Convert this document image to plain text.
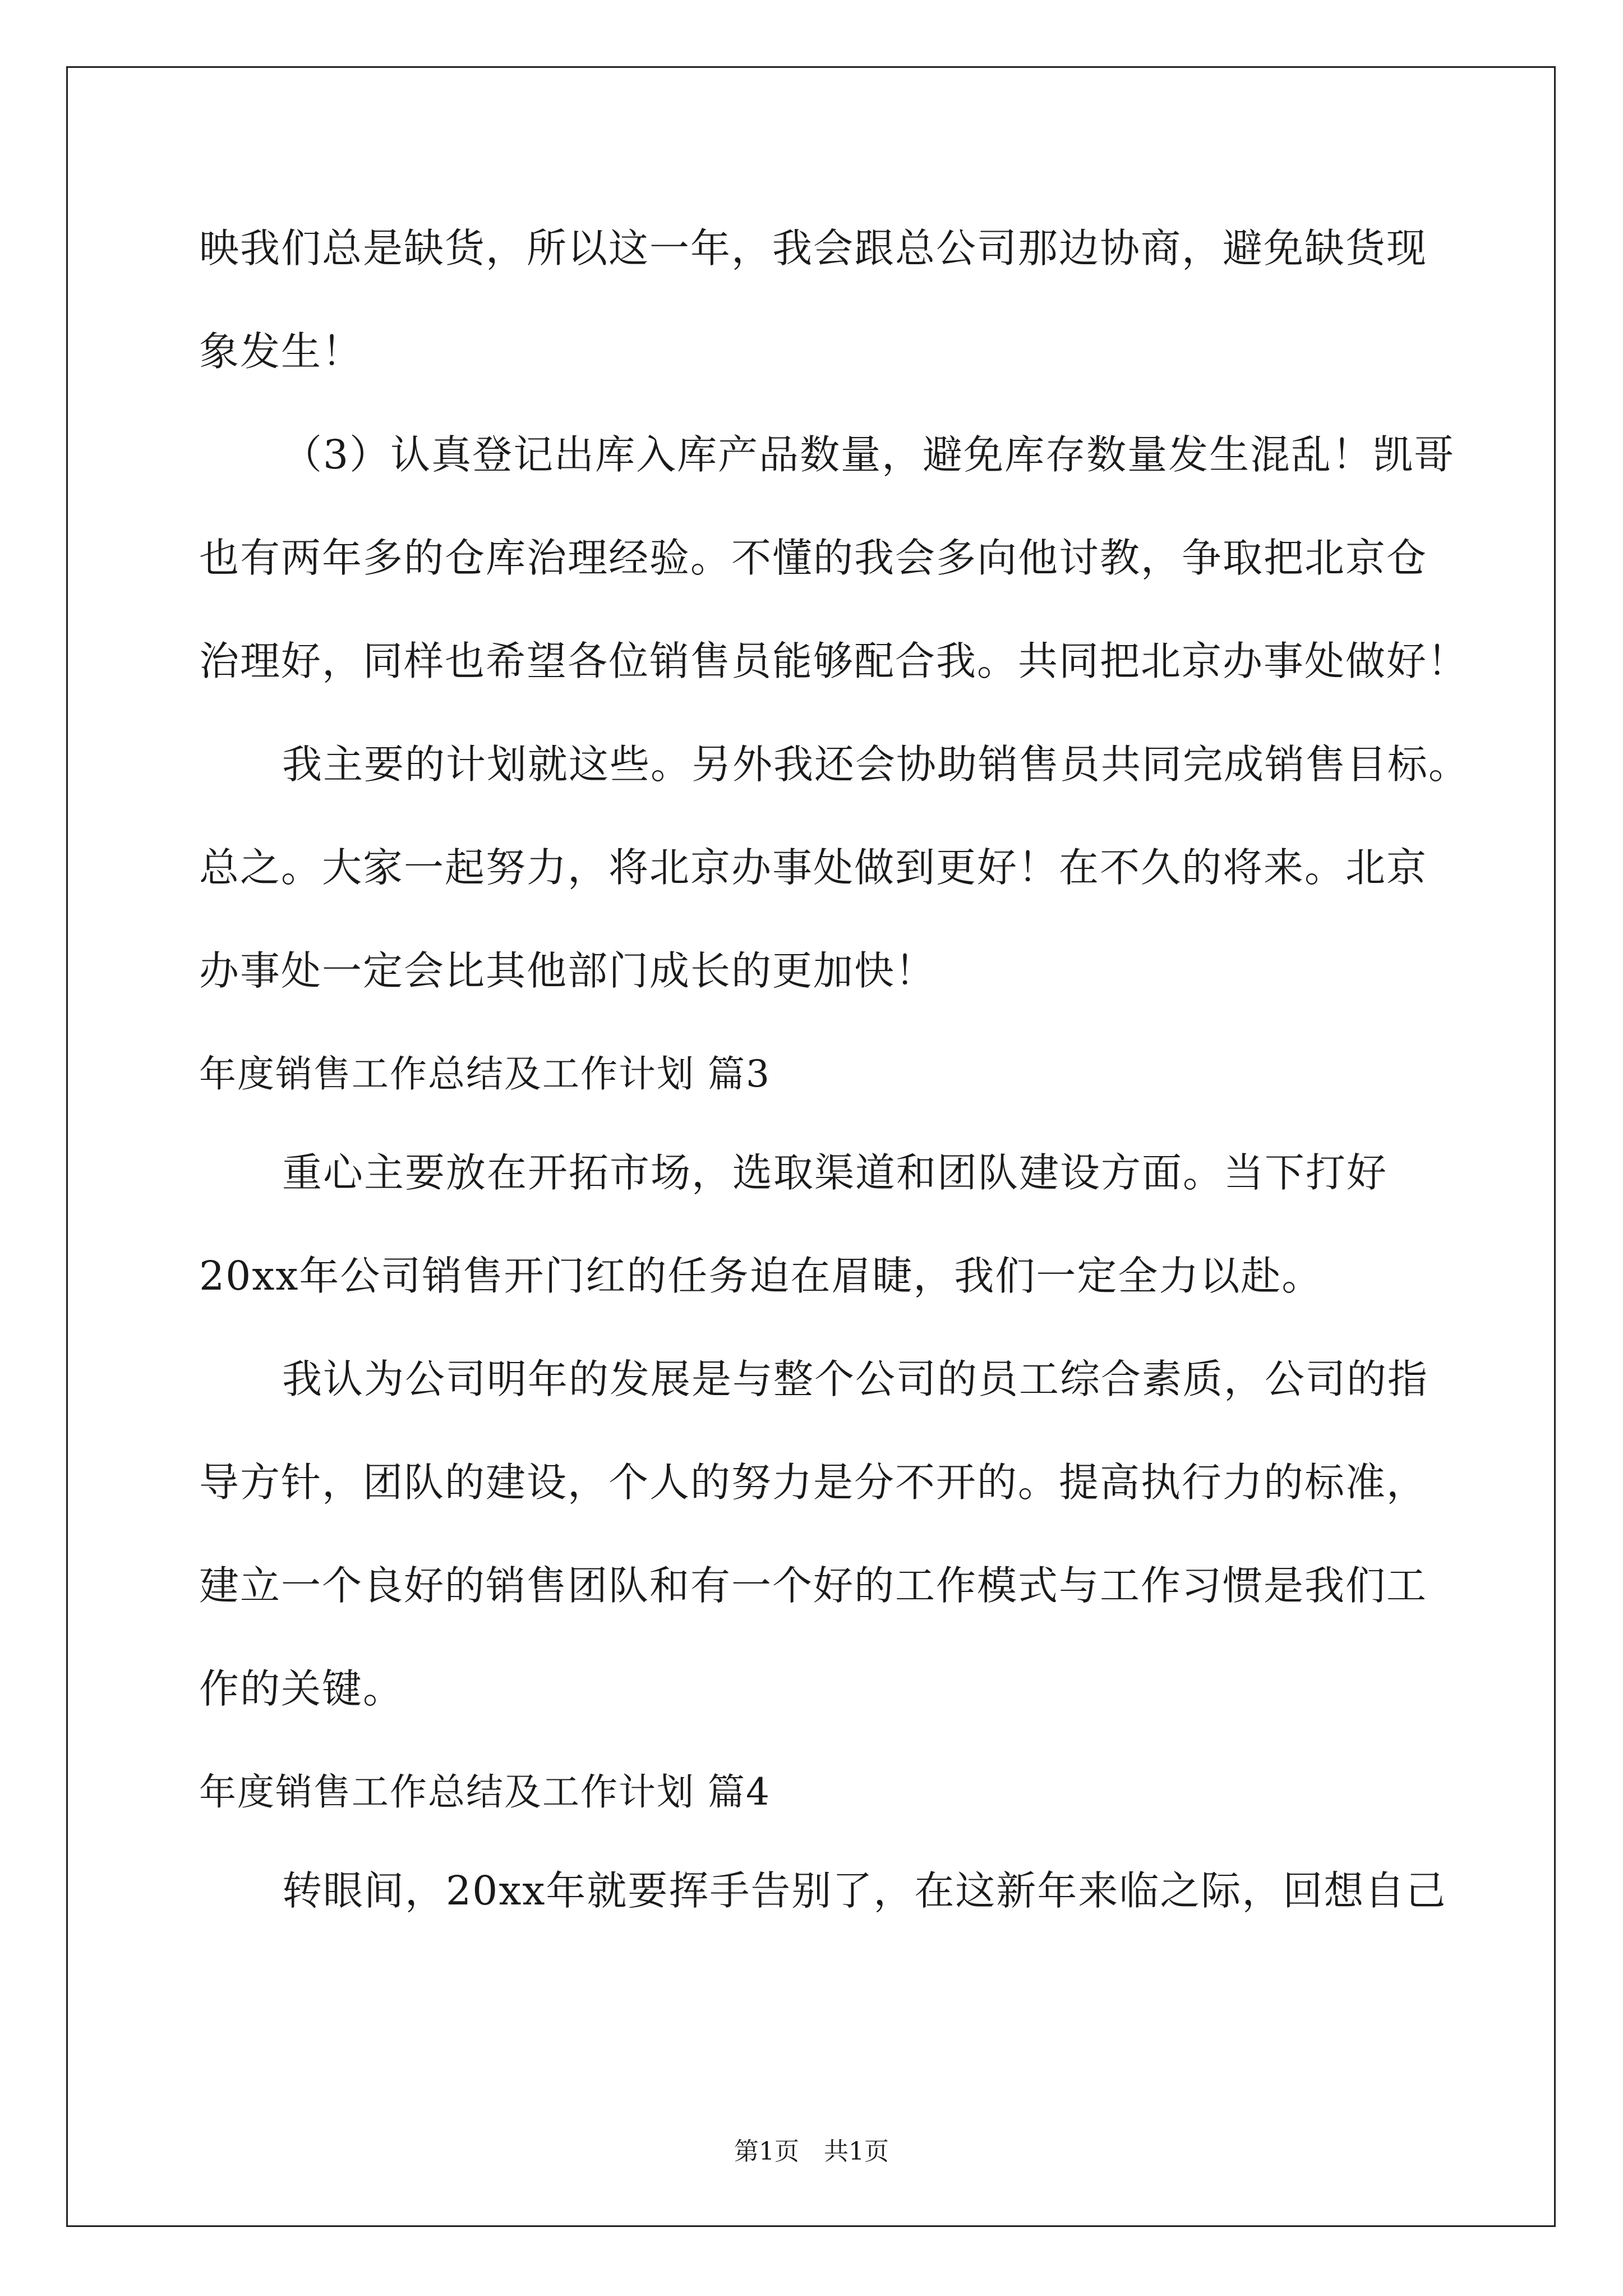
映我们总是缺货，所以这一年，我会跟总公司那边协商，避免缺货现
象发生！
（3）认真登记出库入库产品数量，避免库存数量发生混乱！凯哥
也有两年多的仓库治理经验。不懂的我会多向他讨教，争取把北京仓
治理好，同样也希望各位销售员能够配合我。共同把北京办事处做好！
我主要的计划就这些。另外我还会协助销售员共同完成销售目标。
总之。大家一起努力，将北京办事处做到更好！在不久的将来。北京
办事处一定会比其他部门成长的更加快！
年度销售工作总结及工作计划 篇3
重心主要放在开拓市场，选取渠道和团队建设方面。当下打好
20xx年公司销售开门红的任务迫在眉睫，我们一定全力以赴。
我认为公司明年的发展是与整个公司的员工综合素质，公司的指
导方针，团队的建设，个人的努力是分不开的。提高执行力的标准，
建立一个良好的销售团队和有一个好的工作模式与工作习惯是我们工
作的关键。
年度销售工作总结及工作计划 篇4
转眼间，20xx年就要挥手告别了，在这新年来临之际，回想自己
第1页　共1页
